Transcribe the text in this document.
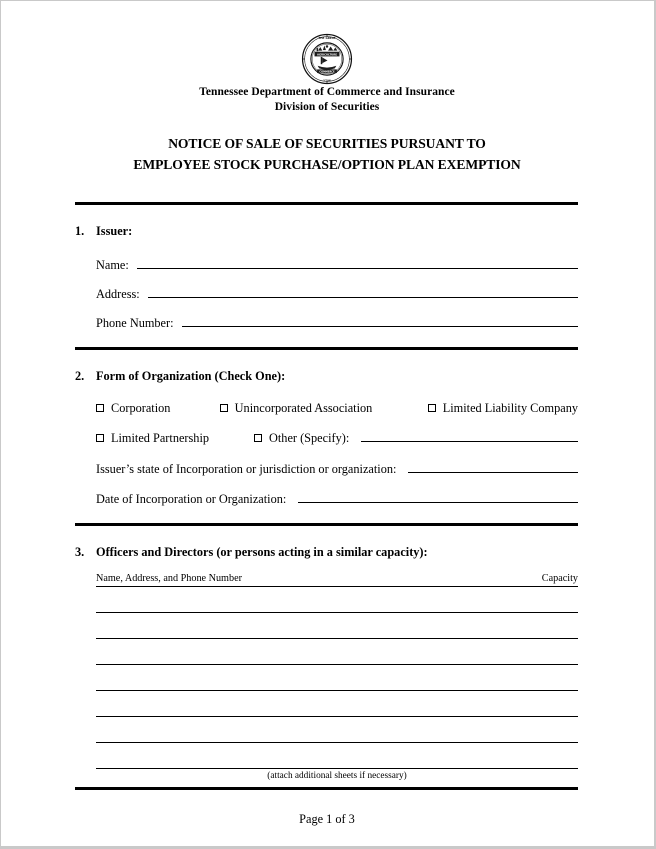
THE GREAT
1796
AGRICULTURE
COMMERCE
Tennessee Department of Commerce and Insurance
Division of Securities
NOTICE OF SALE OF SECURITIES PURSUANT TO
EMPLOYEE STOCK PURCHASE/OPTION PLAN EXEMPTION
1. Issuer:
Name:
Address:
Phone Number:
2. Form of Organization (Check One):
Corporation	Unincorporated Association	Limited Liability Company
Limited Partnership	Other (Specify):
Issuer’s state of Incorporation or jurisdiction or organization:
Date of Incorporation or Organization:
3. Officers and Directors (or persons acting in a similar capacity):
Name, Address, and Phone Number	Capacity
(attach additional sheets if necessary)
Page 1 of 3
